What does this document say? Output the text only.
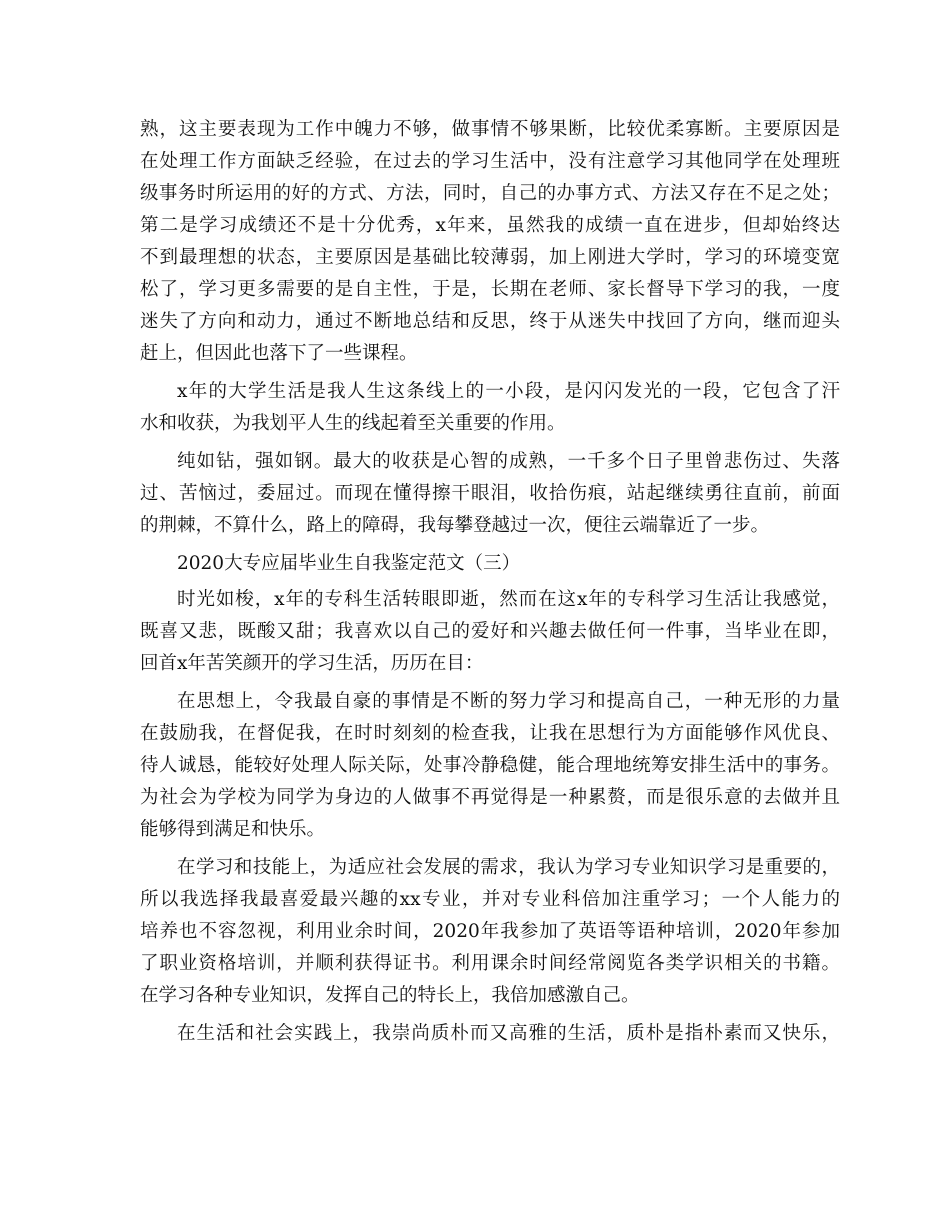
熟，这主要表现为工作中魄力不够，做事情不够果断，比较优柔寡断。主要原因是
在处理工作方面缺乏经验，在过去的学习生活中，没有注意学习其他同学在处理班
级事务时所运用的好的方式、方法，同时，自己的办事方式、方法又存在不足之处；
第二是学习成绩还不是十分优秀，x年来，虽然我的成绩一直在进步，但却始终达
不到最理想的状态，主要原因是基础比较薄弱，加上刚进大学时，学习的环境变宽
松了，学习更多需要的是自主性，于是，长期在老师、家长督导下学习的我，一度
迷失了方向和动力，通过不断地总结和反思，终于从迷失中找回了方向，继而迎头
赶上，但因此也落下了一些课程。
x年的大学生活是我人生这条线上的一小段，是闪闪发光的一段，它包含了汗
水和收获，为我划平人生的线起着至关重要的作用。
纯如钻，强如钢。最大的收获是心智的成熟，一千多个日子里曾悲伤过、失落
过、苦恼过，委屈过。而现在懂得擦干眼泪，收拾伤痕，站起继续勇往直前，前面
的荆棘，不算什么，路上的障碍，我每攀登越过一次，便往云端靠近了一步。
2020大专应届毕业生自我鉴定范文（三）
时光如梭，x年的专科生活转眼即逝，然而在这x年的专科学习生活让我感觉，
既喜又悲，既酸又甜；我喜欢以自己的爱好和兴趣去做任何一件事，当毕业在即，
回首x年苦笑颜开的学习生活，历历在目：
在思想上，令我最自豪的事情是不断的努力学习和提高自己，一种无形的力量
在鼓励我，在督促我，在时时刻刻的检查我，让我在思想行为方面能够作风优良、
待人诚恳，能较好处理人际关际，处事冷静稳健，能合理地统筹安排生活中的事务。
为社会为学校为同学为身边的人做事不再觉得是一种累赘，而是很乐意的去做并且
能够得到满足和快乐。
在学习和技能上，为适应社会发展的需求，我认为学习专业知识学习是重要的，
所以我选择我最喜爱最兴趣的xx专业，并对专业科倍加注重学习；一个人能力的
培养也不容忽视，利用业余时间，2020年我参加了英语等语种培训，2020年参加
了职业资格培训，并顺利获得证书。利用课余时间经常阅览各类学识相关的书籍。
在学习各种专业知识，发挥自己的特长上，我倍加感激自己。
在生活和社会实践上，我崇尚质朴而又高雅的生活，质朴是指朴素而又快乐，
